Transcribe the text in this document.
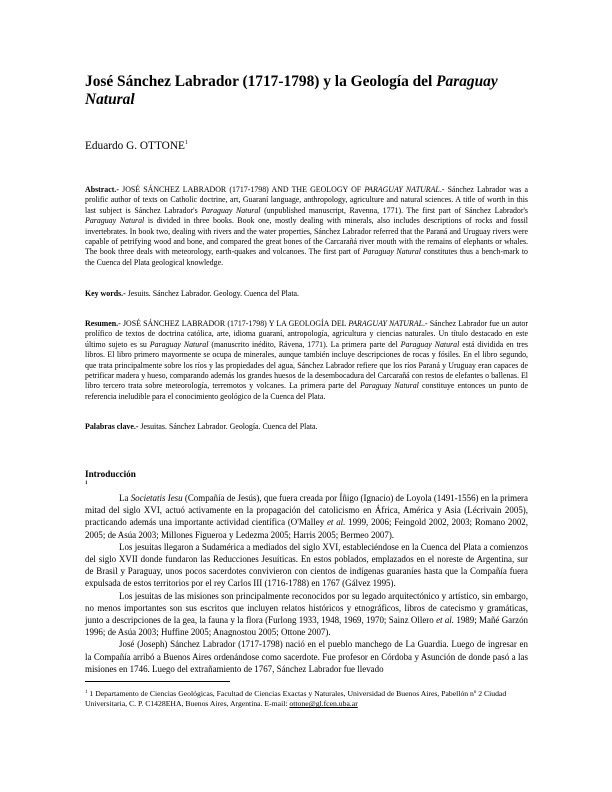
José Sánchez Labrador (1717-1798) y la Geología del Paraguay Natural
Eduardo G. OTTONE$^1$
Abstract.- JOSÉ SÁNCHEZ LABRADOR (1717-1798) AND THE GEOLOGY OF PARAGUAY NATURAL.- Sánchez Labrador was a prolific author of texts on Catholic doctrine, art, Guaraní language, anthropology, agriculture and natural sciences. A title of worth in this last subject is Sánchez Labrador's Paraguay Natural (unpublished manuscript, Ravenna, 1771). The first part of Sánchez Labrador's Paraguay Natural is divided in three books. Book one, mostly dealing with minerals, also includes descriptions of rocks and fossil invertebrates. In book two, dealing with rivers and the water properties, Sánchez Labrador referred that the Paraná and Uruguay rivers were capable of petrifying wood and bone, and compared the great bones of the Carcarañá river mouth with the remains of elephants or whales. The book three deals with meteorology, earth-quakes and volcanoes. The first part of Paraguay Natural constitutes thus a bench-mark to the Cuenca del Plata geological knowledge.
Key words.- Jesuits. Sánchez Labrador. Geology. Cuenca del Plata.
Resumen.- JOSÉ SÁNCHEZ LABRADOR (1717-1798) Y LA GEOLOGÍA DEL PARAGUAY NATURAL.- Sánchez Labrador fue un autor prolífico de textos de doctrina católica, arte, idioma guaraní, antropología, agricultura y ciencias naturales. Un título destacado en este último sujeto es su Paraguay Natural (manuscrito inédito, Rávena, 1771). La primera parte del Paraguay Natural está dividida en tres libros. El libro primero mayormente se ocupa de minerales, aunque también incluye descripciones de rocas y fósiles. En el libro segundo, que trata principalmente sobre los ríos y las propiedades del agua, Sánchez Labrador refiere que los ríos Paraná y Uruguay eran capaces de petrificar madera y hueso, comparando además los grandes huesos de la desembocadura del Carcarañá con restos de elefantes o ballenas. El libro tercero trata sobre meteorología, terremotos y volcanes. La primera parte del Paraguay Natural constituye entonces un punto de referencia ineludible para el conocimiento geológico de la Cuenca del Plata.
Palabras clave.- Jesuitas. Sánchez Labrador. Geología. Cuenca del Plata.
Introducción
1

La Societatis Iesu (Compañía de Jesús), que fuera creada por Íñigo (Ignacio) de Loyola (1491-1556) en la primera mitad del siglo XVI, actuó activamente en la propagación del catolicismo en África, América y Asia (Lécrivain 2005), practicando además una importante actividad científica (O'Malley et al. 1999, 2006; Feingold 2002, 2003; Romano 2002, 2005; de Asúa 2003; Millones Figueroa y Ledezma 2005; Harris 2005; Bermeo 2007).

Los jesuitas llegaron a Sudamérica a mediados del siglo XVI, estableciéndose en la Cuenca del Plata a comienzos del siglo XVII donde fundaron las Reducciones Jesuíticas. En estos poblados, emplazados en el noreste de Argentina, sur de Brasil y Paraguay, unos pocos sacerdotes convivieron con cientos de indígenas guaraníes hasta que la Compañía fuera expulsada de estos territorios por el rey Carlos III (1716-1788) en 1767 (Gálvez 1995).

Los jesuitas de las misiones son principalmente reconocidos por su legado arquitectónico y artístico, sin embargo, no menos importantes son sus escritos que incluyen relatos históricos y etnográficos, libros de catecismo y gramáticas, junto a descripciones de la gea, la fauna y la flora (Furlong 1933, 1948, 1969, 1970; Sainz Ollero et al. 1989; Mañé Garzón 1996; de Asúa 2003; Huffine 2005; Anagnostou 2005; Ottone 2007).

José (Joseph) Sánchez Labrador (1717-1798) nació en el pueblo manchego de La Guardia. Luego de ingresar en la Compañía arribó a Buenos Aires ordenándose como sacerdote. Fue profesor en Córdoba y Asunción de donde pasó a las misiones en 1746. Luego del extrañamiento de 1767, Sánchez Labrador fue llevado

$^1$ 1 Departamento de Ciencias Geológicas, Facultad de Ciencias Exactas y Naturales, Universidad de Buenos Aires, Pabellón nº 2 Ciudad Universitaria, C. P. C1428EHA, Buenos Aires, Argentina. E-mail: ottone@gl.fcen.uba.ar
